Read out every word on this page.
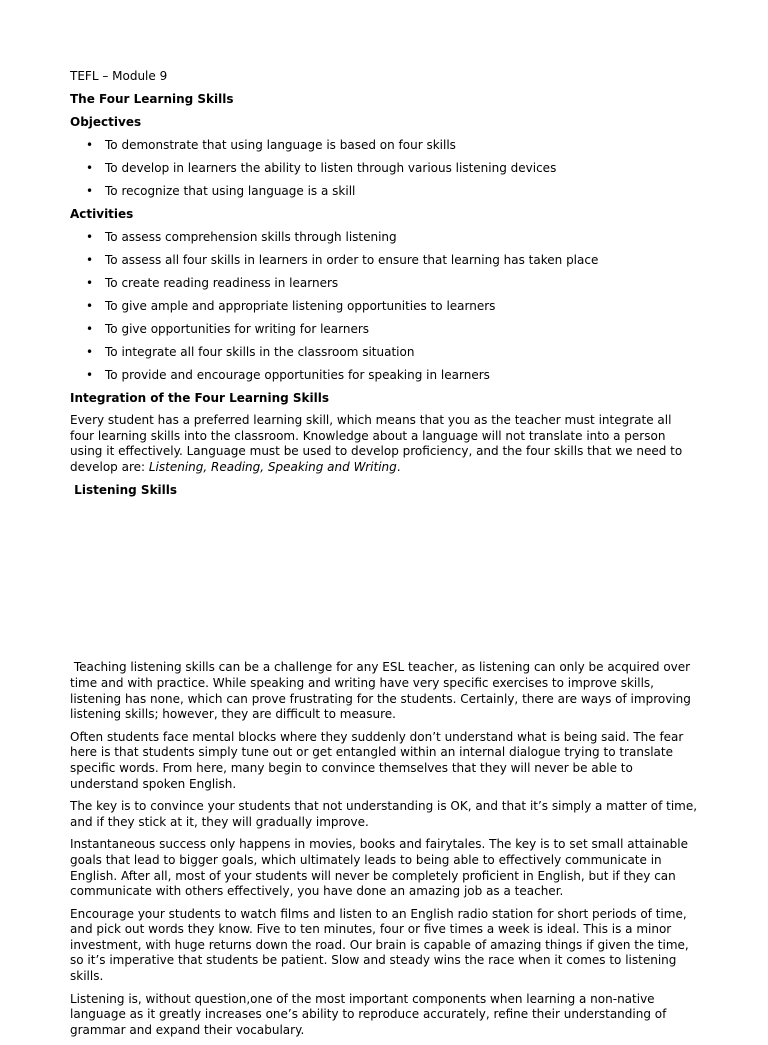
TEFL – Module 9
The Four Learning Skills
Objectives
• To demonstrate that using language is based on four skills
• To develop in learners the ability to listen through various listening devices
• To recognize that using language is a skill
Activities
• To assess comprehension skills through listening
• To assess all four skills in learners in order to ensure that learning has taken place
• To create reading readiness in learners
• To give ample and appropriate listening opportunities to learners
• To give opportunities for writing for learners
• To integrate all four skills in the classroom situation
• To provide and encourage opportunities for speaking in learners
Integration of the Four Learning Skills

Every student has a preferred learning skill, which means that you as the teacher must integrate all four learning skills into the classroom. Knowledge about a language will not translate into a person using it effectively. Language must be used to develop proficiency, and the four skills that we need to develop are: Listening, Reading, Speaking and Writing.

Listening Skills

Teaching listening skills can be a challenge for any ESL teacher, as listening can only be acquired over time and with practice. While speaking and writing have very specific exercises to improve skills, listening has none, which can prove frustrating for the students. Certainly, there are ways of improving listening skills; however, they are difficult to measure.

Often students face mental blocks where they suddenly don’t understand what is being said. The fear here is that students simply tune out or get entangled within an internal dialogue trying to translate specific words. From here, many begin to convince themselves that they will never be able to understand spoken English.

The key is to convince your students that not understanding is OK, and that it’s simply a matter of time, and if they stick at it, they will gradually improve.

Instantaneous success only happens in movies, books and fairytales. The key is to set small attainable goals that lead to bigger goals, which ultimately leads to being able to effectively communicate in English. After all, most of your students will never be completely proficient in English, but if they can communicate with others effectively, you have done an amazing job as a teacher.

Encourage your students to watch films and listen to an English radio station for short periods of time, and pick out words they know. Five to ten minutes, four or five times a week is ideal. This is a minor investment, with huge returns down the road. Our brain is capable of amazing things if given the time, so it’s imperative that students be patient. Slow and steady wins the race when it comes to listening skills.

Listening is, without question,one of the most important components when learning a non-native language as it greatly increases one’s ability to reproduce accurately, refine their understanding of grammar and expand their vocabulary.
